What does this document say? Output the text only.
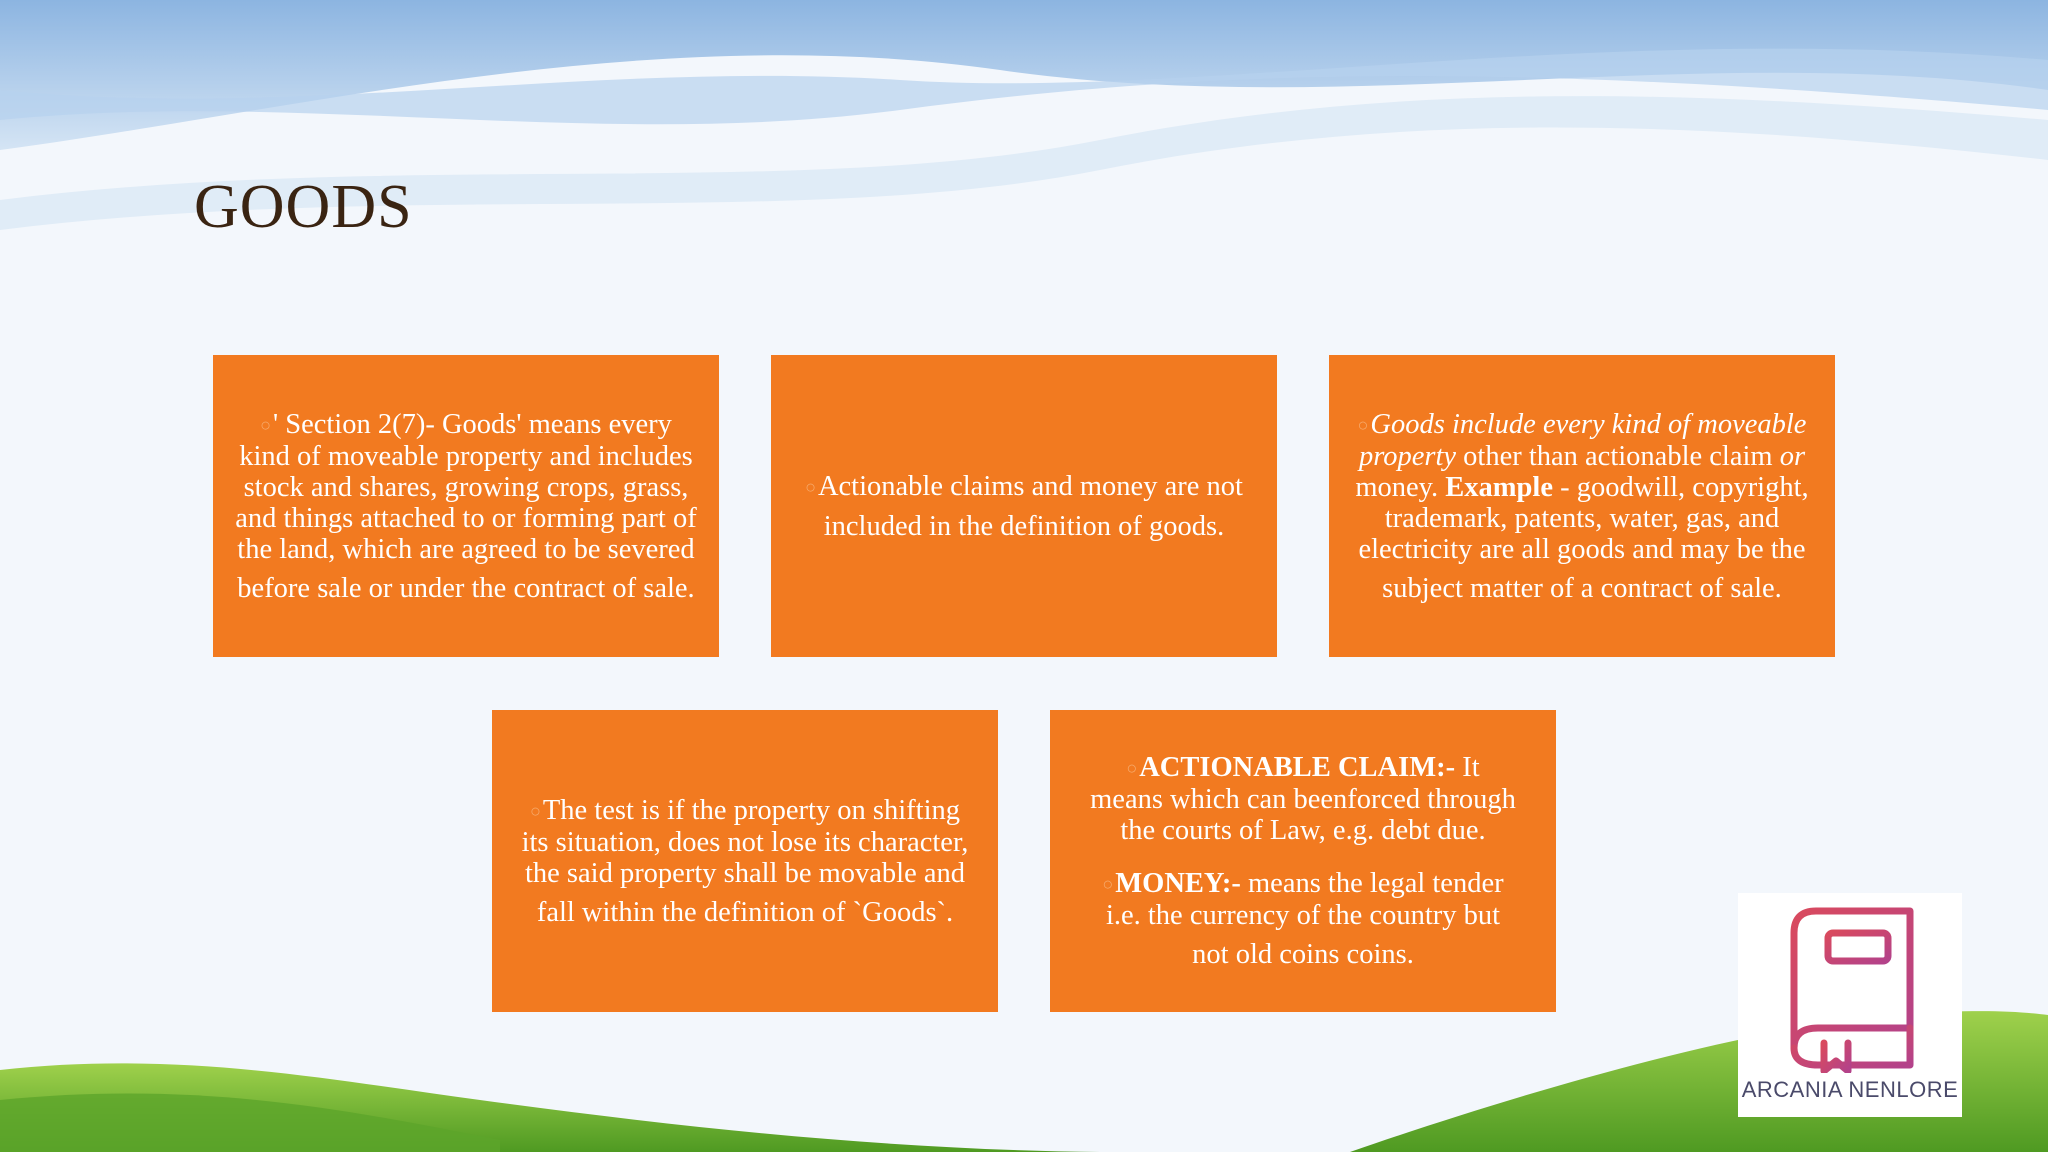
GOODS

○' Section 2(7)- Goods' means every
kind of moveable property and includes
stock and shares, growing crops, grass,
and things attached to or forming part of
the land, which are agreed to be severed

before sale or under the contract of sale.

○Actionable claims and money are not

included in the definition of goods.

○Goods include every kind of moveable
property other than actionable claim or
money. Example - goodwill, copyright,
trademark, patents, water, gas, and
electricity are all goods and may be the

subject matter of a contract of sale.

○The test is if the property on shifting
its situation, does not lose its character,
the said property shall be movable and

fall within the definition of `Goods`.

○ACTIONABLE CLAIM:- It
means which can beenforced through
the courts of Law, e.g. debt due.

○MONEY:- means the legal tender
i.e. the currency of the country but

not old coins coins.

ARCANIA NENLORE
